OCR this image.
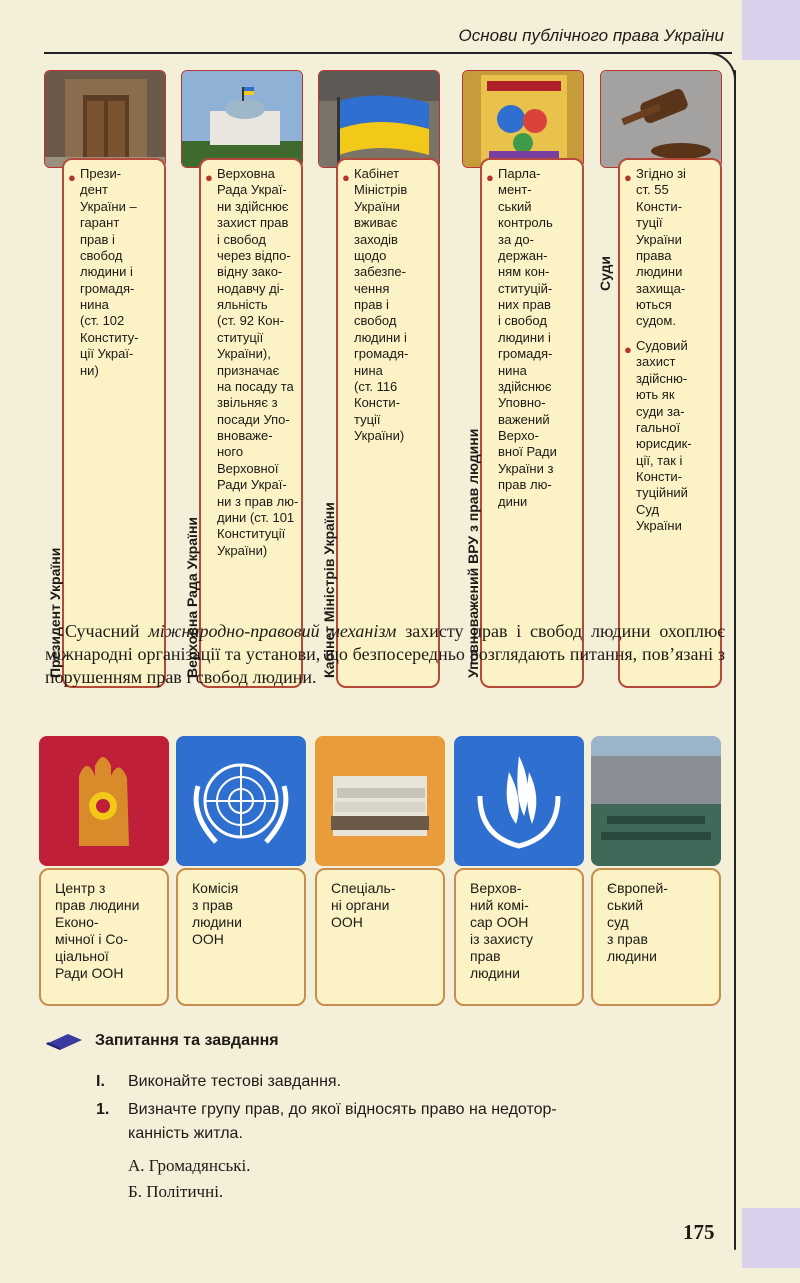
Основи публічного права України
● Прези-
дент
України –
гарант
прав і
свобод
людини і
громадя-
нина
(ст. 102
Конститу-
ції Украї-
ни)
Президент України
● Верховна
Рада Украї-
ни здійснює
захист прав
і свобод
через відпо-
відну зако-
нодавчу ді-
яльність
(ст. 92 Кон-
ституції
України),
призначає
на посаду та
звільняє з
посади Упо-
вноваже-
ного Верховної
Ради Украї-
ни з прав лю-
дини (ст. 101
Конституції
України)
Верховна Рада України
● Кабінет
Міністрів
України
вживає
заходів
щодо
забезпе-
чення
прав і
свобод
людини і
громадя-
нина
(ст. 116
Консти-
туції
України)
Кабінет Міністрів України
● Парла-
мент-
ський
контроль
за до-
держан-
ням кон-
ституцій-
них прав
і свобод
людини і
громадя-
нина
здійснює
Уповно-
важений
Верхо-
вної Ради
України з
прав лю-
дини
Уповноважений ВРУ з прав людини
● Згідно зі
ст. 55
Консти-
туції
України
права
людини
захища-
ються
судом.
● Судовий
захист
здійсню-
ють як
суди за-
гальної
юрисдик-
ції, так і
Консти-
туційний
Суд
України
Суди
Сучасний міжнародно-правовий механізм захисту прав і свобод людини охоплює міжнародні організації та установи, що безпосередньо розглядають питання, пов’язані з порушенням прав і свобод людини.
Центр з
прав людини
Еконо-
мічної і Со-
ціальної
Ради ООН
Комісія
з прав
людини
ООН
Спеціаль-
ні органи
ООН
Верхов-
ний комі-
сар ООН
із захисту
прав
людини
Європей-
ський
суд
з прав
людини
Запитання та завдання
I. Виконайте тестові завдання.
1. Визначте групу прав, до якої відносять право на недотор-
канність житла.
А. Громадянські.
Б. Політичні.
175
